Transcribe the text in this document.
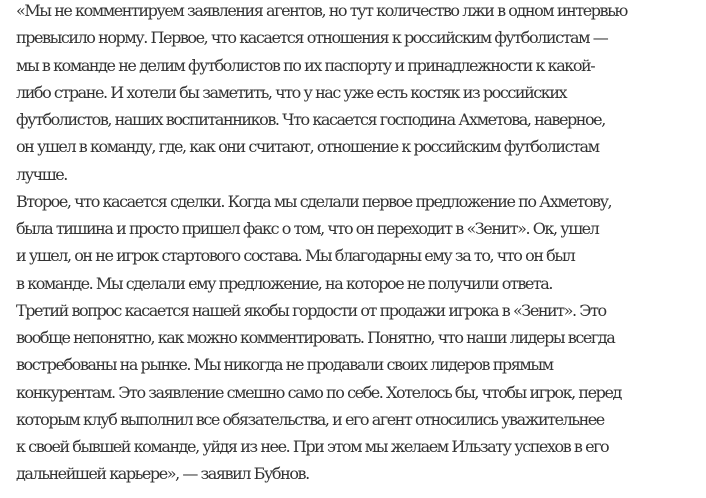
«Мы не комментируем заявления агентов, но тут количество лжи в одном интервью
превысило норму. Первое, что касается отношения к российским футболистам —
мы в команде не делим футболистов по их паспорту и принадлежности к какой-
либо стране. И хотели бы заметить, что у нас уже есть костяк из российских
футболистов, наших воспитанников. Что касается господина Ахметова, наверное,
он ушел в команду, где, как они считают, отношение к российским футболистам
лучше.
Второе, что касается сделки. Когда мы сделали первое предложение по Ахметову,
была тишина и просто пришел факс о том, что он переходит в «Зенит». Ок, ушел
и ушел, он не игрок стартового состава. Мы благодарны ему за то, что он был
в команде. Мы сделали ему предложение, на которое не получили ответа.
Третий вопрос касается нашей якобы гордости от продажи игрока в «Зенит». Это
вообще непонятно, как можно комментировать. Понятно, что наши лидеры всегда
востребованы на рынке. Мы никогда не продавали своих лидеров прямым
конкурентам. Это заявление смешно само по себе. Хотелось бы, чтобы игрок, перед
которым клуб выполнил все обязательства, и его агент относились уважительнее
к своей бывшей команде, уйдя из нее. При этом мы желаем Ильзату успехов в его
дальнейшей карьере», — заявил Бубнов.
